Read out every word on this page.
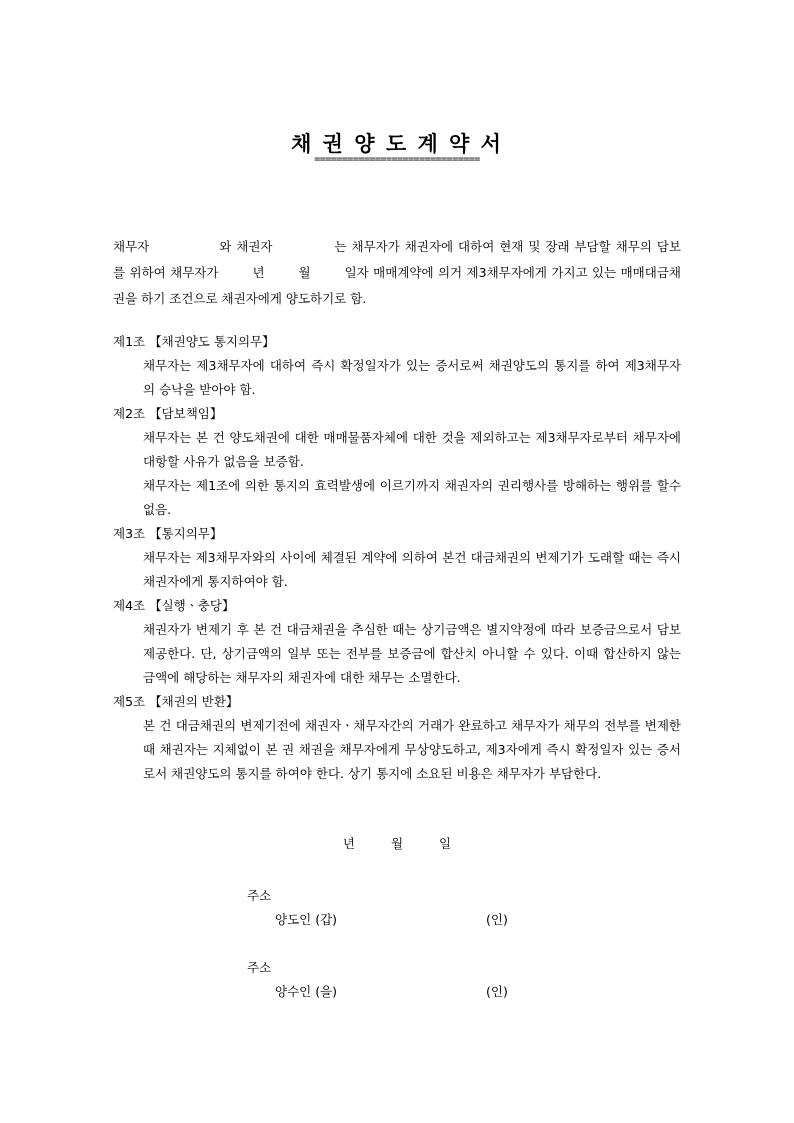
채 권 양 도 계 약 서
==============================
채무자	와 채권자	는 채무자가 채권자에 대하여 현재 및 장래 부담할 채무의 담보를 위하여 채무자가	년	월	일자 매매계약에 의거 제3채무자에게 가지고 있는 매매대금채권을 하기 조건으로 채권자에게 양도하기로 함.
제1조 【채권양도 통지의무】
채무자는 제3채무자에 대하여 즉시 확정일자가 있는 증서로써 채권양도의 통지를 하여 제3채무자의 승낙을 받아야 함.
제2조 【담보책임】
채무자는 본 건 양도채권에 대한 매매물품자체에 대한 것을 제외하고는 제3채무자로부터 채무자에 대항할 사유가 없음을 보증함.
채무자는 제1조에 의한 통지의 효력발생에 이르기까지 채권자의 권리행사를 방해하는 행위를 할수없음.
제3조 【통지의무】
채무자는 제3채무자와의 사이에 체결된 계약에 의하여 본건 대금채권의 변제기가 도래할 때는 즉시 채권자에게 통지하여야 함.
제4조 【실행ㆍ충당】
채권자가 변제기 후 본 건 대금채권을 추심한 때는 상기금액은 별지약정에 따라 보증금으로서 담보 제공한다. 단, 상기금액의 일부 또는 전부를 보증금에 합산치 아니할 수 있다. 이때 합산하지 않는 금액에 해당하는 채무자의 채권자에 대한 채무는 소멸한다.
제5조 【채권의 반환】
본 건 대금채권의 변제기전에 채권자ㆍ채무자간의 거래가 완료하고 채무자가 채무의 전부를 변제한 때 채권자는 지체없이 본 권 채권을 채무자에게 무상양도하고, 제3자에게 즉시 확정일자 있는 증서로서 채권양도의 통지를 하여야 한다. 상기 통지에 소요된 비용은 채무자가 부담한다.
년	월	일
주소
양도인 (갑)	(인)
주소
양수인 (을)	(인)
